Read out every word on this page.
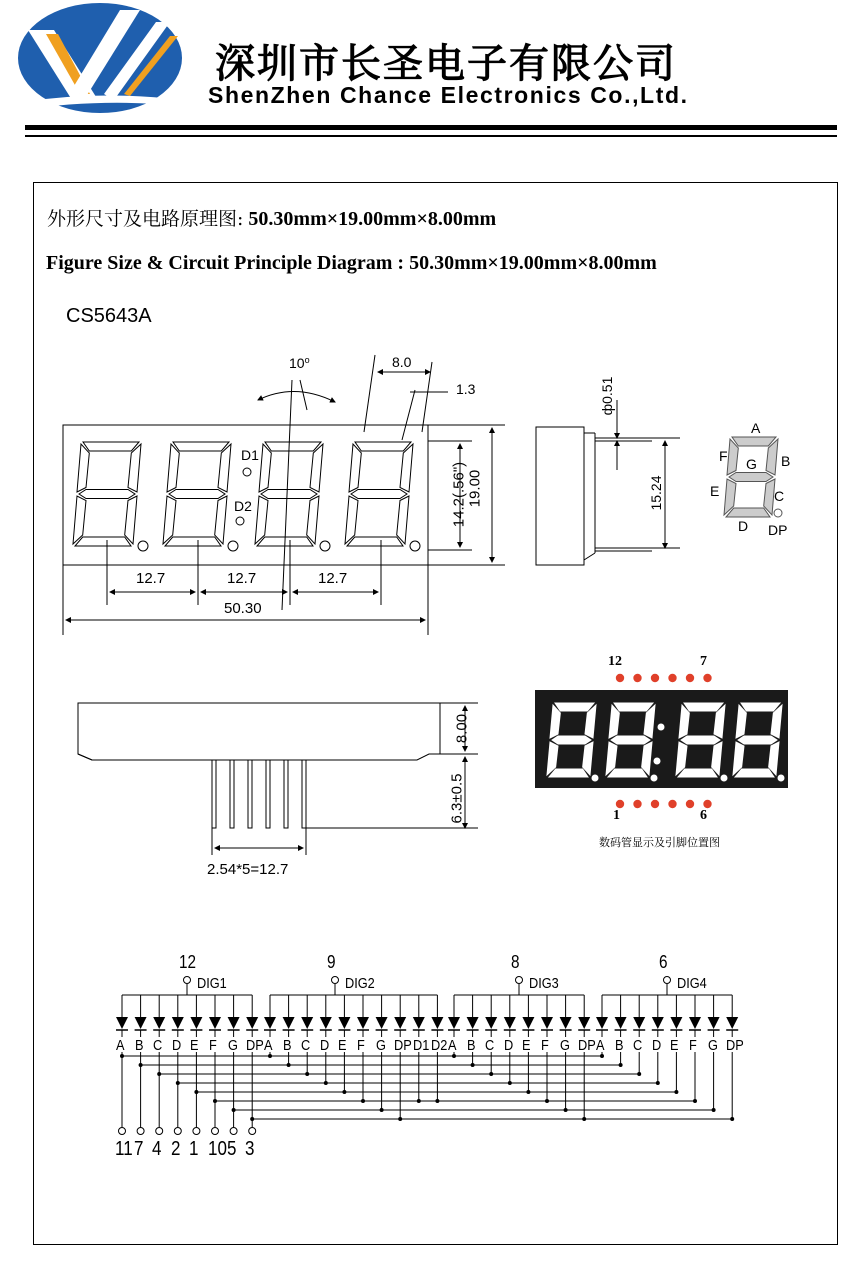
深圳市长圣电子有限公司
ShenZhen Chance Electronics Co.,Ltd.
外形尺寸及电路原理图: 50.30mm×19.00mm×8.00mm
Figure Size & Circuit Principle Diagram : 50.30mm×19.00mm×8.00mm
CS5643A
10$^o$	8.0
1.3
D1
D2	14.2(.56") 19.00
12.7	12.7	12.7
50.30
ф0.51
15.24
A
B
C
D
E
F G
DP
8.00
6.3±0.5
2.54*5=12.7
12	7
1	6
数码管显示及引脚位置图
12
DIG1
A B C D E F G DP
9
DIG2
A B C D E F G DP D1 D2
8
DIG3
A B C D E F G DP
6
DIG4
A B C D E F G DP
11 7 4 2 1 10 5 3
